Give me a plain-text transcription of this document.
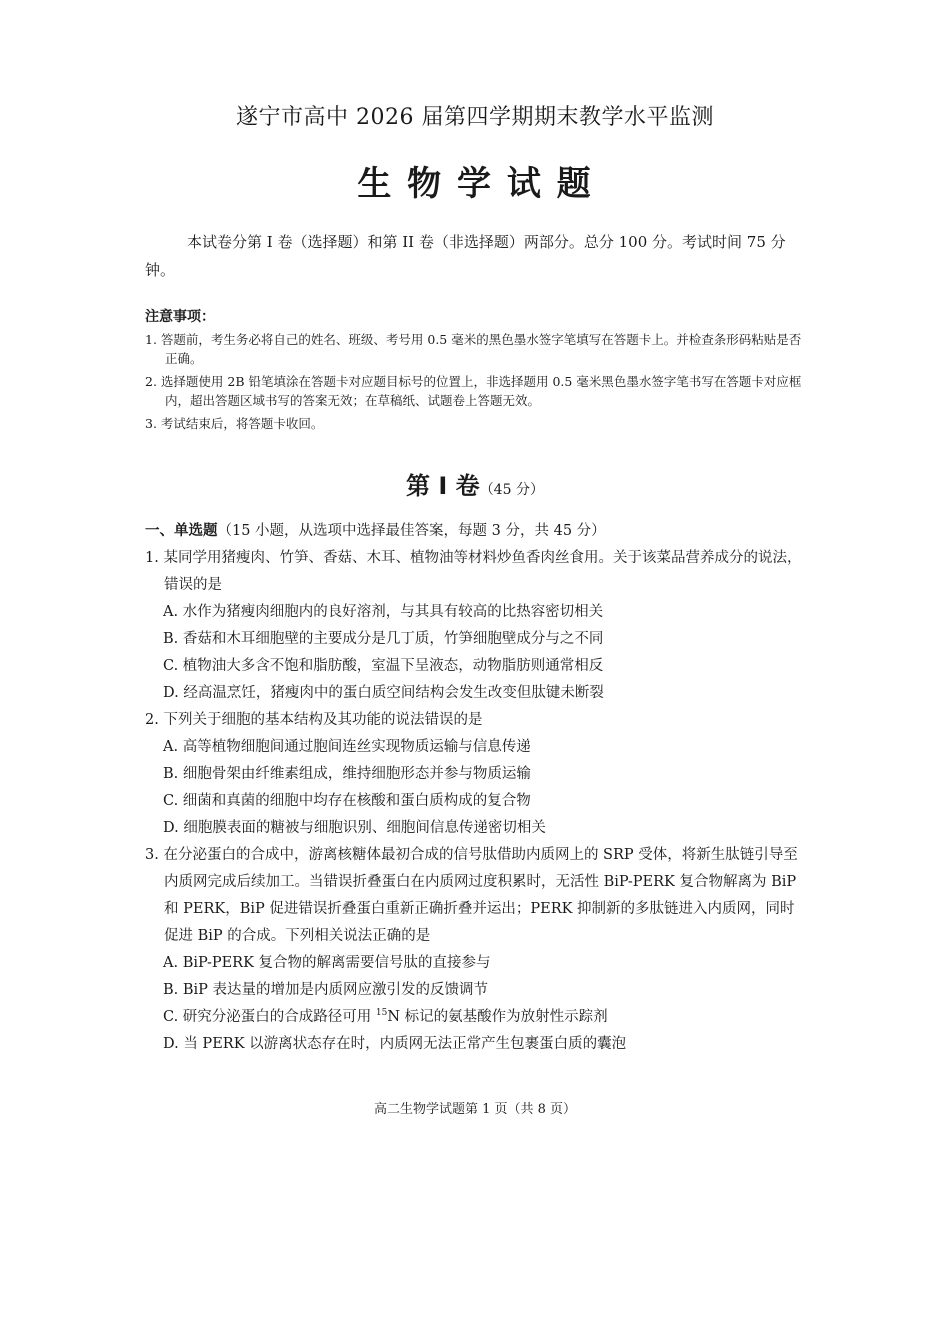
遂宁市高中 2026 届第四学期期末教学水平监测
生 物 学 试 题
本试卷分第 I 卷（选择题）和第 II 卷（非选择题）两部分。总分 100 分。考试时间 75 分钟。
注意事项：
1. 答题前，考生务必将自己的姓名、班级、考号用 0.5 毫米的黑色墨水签字笔填写在答题卡上。并检查条形码粘贴是否正确。
2. 选择题使用 2B 铅笔填涂在答题卡对应题目标号的位置上，非选择题用 0.5 毫米黑色墨水签字笔书写在答题卡对应框内，超出答题区域书写的答案无效；在草稿纸、试题卷上答题无效。
3. 考试结束后，将答题卡收回。
第 I 卷（45 分）
一、单选题（15 小题，从选项中选择最佳答案，每题 3 分，共 45 分）
1. 某同学用猪瘦肉、竹笋、香菇、木耳、植物油等材料炒鱼香肉丝食用。关于该菜品营养成分的说法，错误的是
A. 水作为猪瘦肉细胞内的良好溶剂，与其具有较高的比热容密切相关
B. 香菇和木耳细胞壁的主要成分是几丁质，竹笋细胞壁成分与之不同
C. 植物油大多含不饱和脂肪酸，室温下呈液态，动物脂肪则通常相反
D. 经高温烹饪，猪瘦肉中的蛋白质空间结构会发生改变但肽键未断裂
2. 下列关于细胞的基本结构及其功能的说法错误的是
A. 高等植物细胞间通过胞间连丝实现物质运输与信息传递
B. 细胞骨架由纤维素组成，维持细胞形态并参与物质运输
C. 细菌和真菌的细胞中均存在核酸和蛋白质构成的复合物
D. 细胞膜表面的糖被与细胞识别、细胞间信息传递密切相关
3. 在分泌蛋白的合成中，游离核糖体最初合成的信号肽借助内质网上的 SRP 受体，将新生肽链引导至内质网完成后续加工。当错误折叠蛋白在内质网过度积累时，无活性 BiP-PERK 复合物解离为 BiP 和 PERK，BiP 促进错误折叠蛋白重新正确折叠并运出；PERK 抑制新的多肽链进入内质网，同时促进 BiP 的合成。下列相关说法正确的是
A. BiP-PERK 复合物的解离需要信号肽的直接参与
B. BiP 表达量的增加是内质网应激引发的反馈调节
C. 研究分泌蛋白的合成路径可用 $^{15}$N 标记的氨基酸作为放射性示踪剂
D. 当 PERK 以游离状态存在时，内质网无法正常产生包裹蛋白质的囊泡
高二生物学试题第 1 页（共 8 页）
